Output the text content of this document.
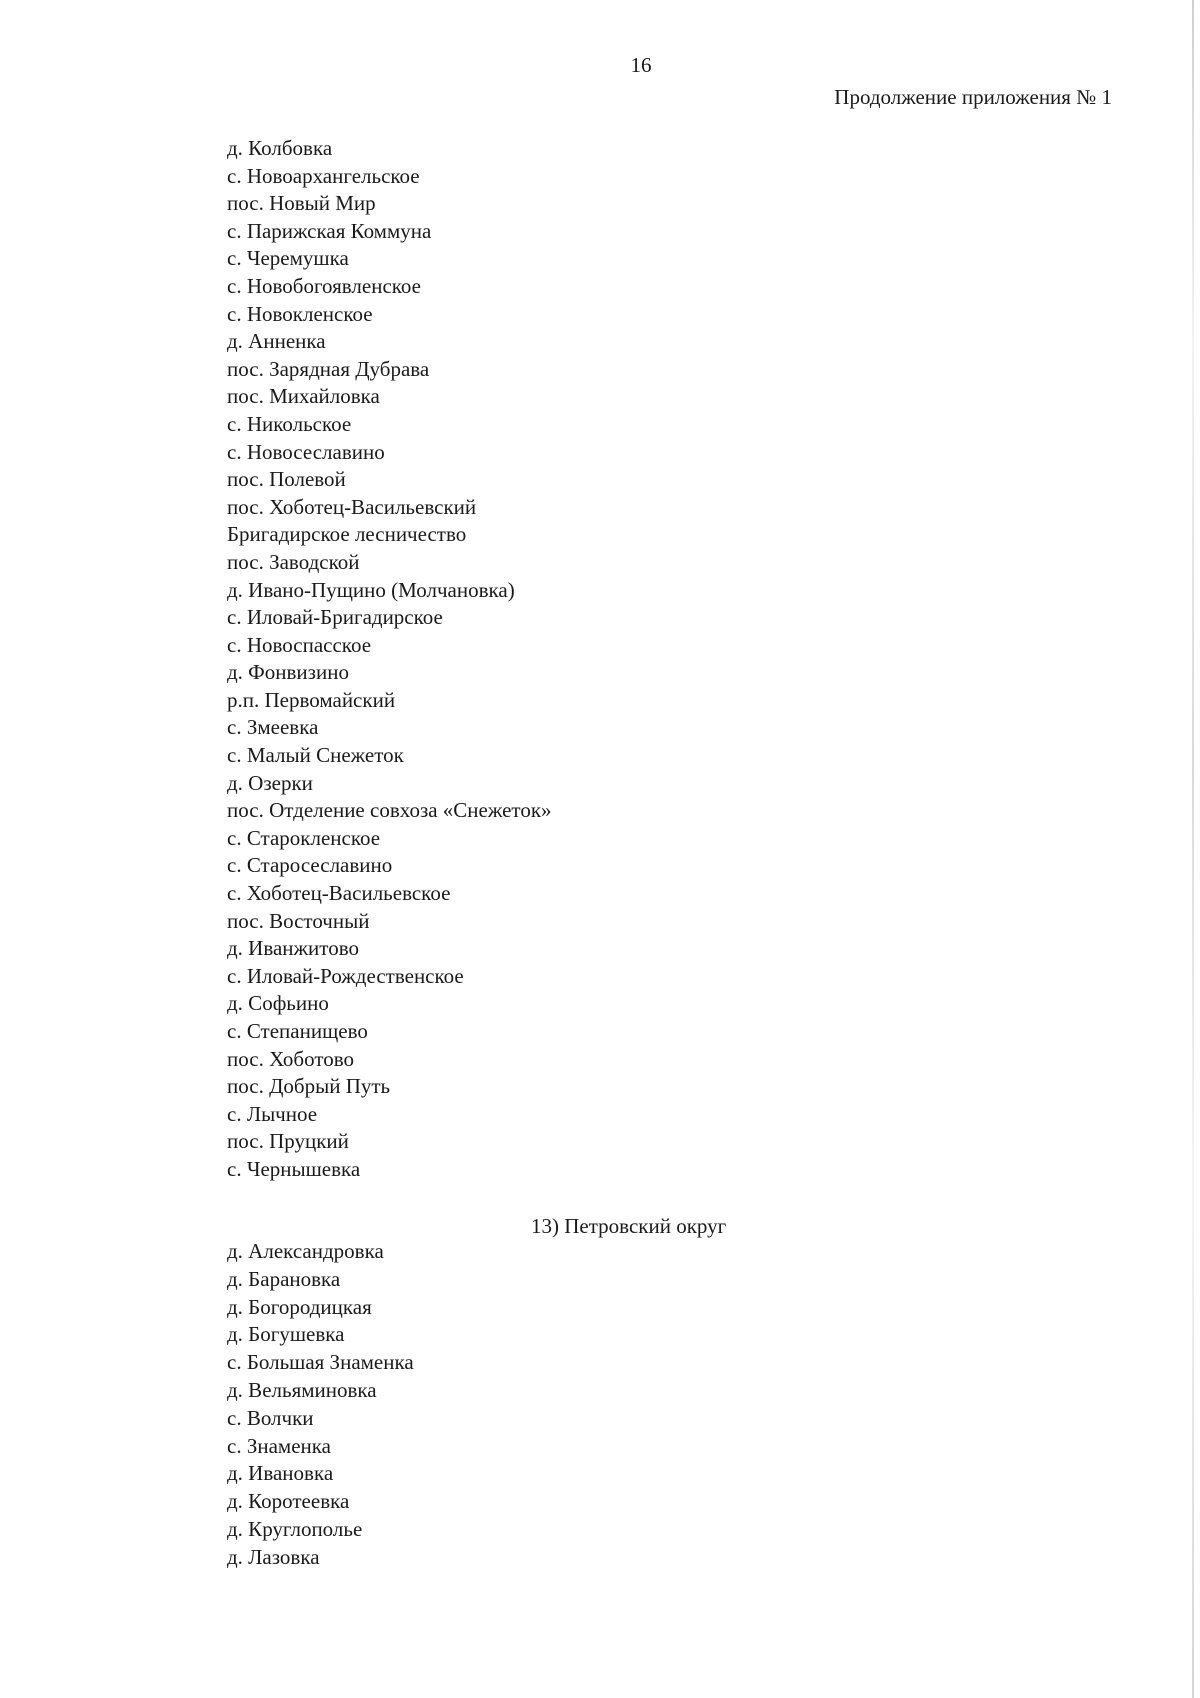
16
Продолжение приложения № 1
д. Колбовка
с. Новоархангельское
пос. Новый Мир
с. Парижская Коммуна
с. Черемушка
с. Новобогоявленское
с. Новокленское
д. Анненка
пос. Зарядная Дубрава
пос. Михайловка
с. Никольское
с. Новосеславино
пос. Полевой
пос. Хоботец-Васильевский
Бригадирское лесничество
пос. Заводской
д. Ивано-Пущино (Молчановка)
с. Иловай-Бригадирское
с. Новоспасское
д. Фонвизино
р.п. Первомайский
с. Змеевка
с. Малый Снежеток
д. Озерки
пос. Отделение совхоза «Снежеток»
с. Старокленское
с. Старосеславино
с. Хоботец-Васильевское
пос. Восточный
д. Иванжитово
с. Иловай-Рождественское
д. Софьино
с. Степанищево
пос. Хоботово
пос. Добрый Путь
с. Лычное
пос. Пруцкий
с. Чернышевка
13) Петровский округ
д. Александровка
д. Барановка
д. Богородицкая
д. Богушевка
с. Большая Знаменка
д. Вельяминовка
с. Волчки
с. Знаменка
д. Ивановка
д. Коротеевка
д. Круглополье
д. Лазовка
